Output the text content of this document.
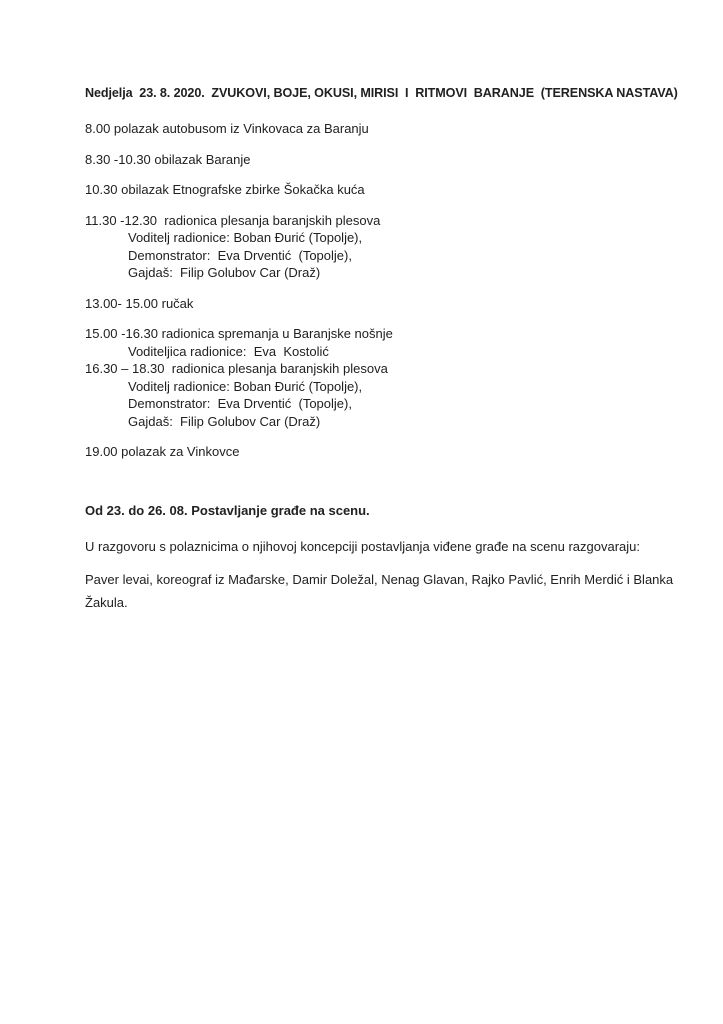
Nedjelja  23. 8. 2020.  ZVUKOVI, BOJE, OKUSI, MIRISI  I  RITMOVI  BARANJE  (TERENSKA NASTAVA)

8.00 polazak autobusom iz Vinkovaca za Baranju
8.30 -10.30 obilazak Baranje
10.30 obilazak Etnografske zbirke Šokačka kuća
11.30 -12.30  radionica plesanja baranjskih plesova
Voditelj radionice: Boban Đurić (Topolje),
Demonstrator:  Eva Drventić  (Topolje),
Gajdaš:  Filip Golubov Car (Draž)
13.00- 15.00 ručak
15.00 -16.30 radionica spremanja u Baranjske nošnje
Voditeljica radionice:  Eva  Kostolić
16.30 – 18.30  radionica plesanja baranjskih plesova
Voditelj radionice: Boban Đurić (Topolje),
Demonstrator:  Eva Drventić  (Topolje),
Gajdaš:  Filip Golubov Car (Draž)
19.00 polazak za Vinkovce

Od 23. do 26. 08. Postavljanje građe na scenu.

U razgovoru s polaznicima o njihovoj koncepciji postavljanja viđene građe na scenu razgovaraju:

Paver levai, koreograf iz Mađarske, Damir Doležal, Nenag Glavan, Rajko Pavlić, Enrih Merdić i Blanka Žakula.
